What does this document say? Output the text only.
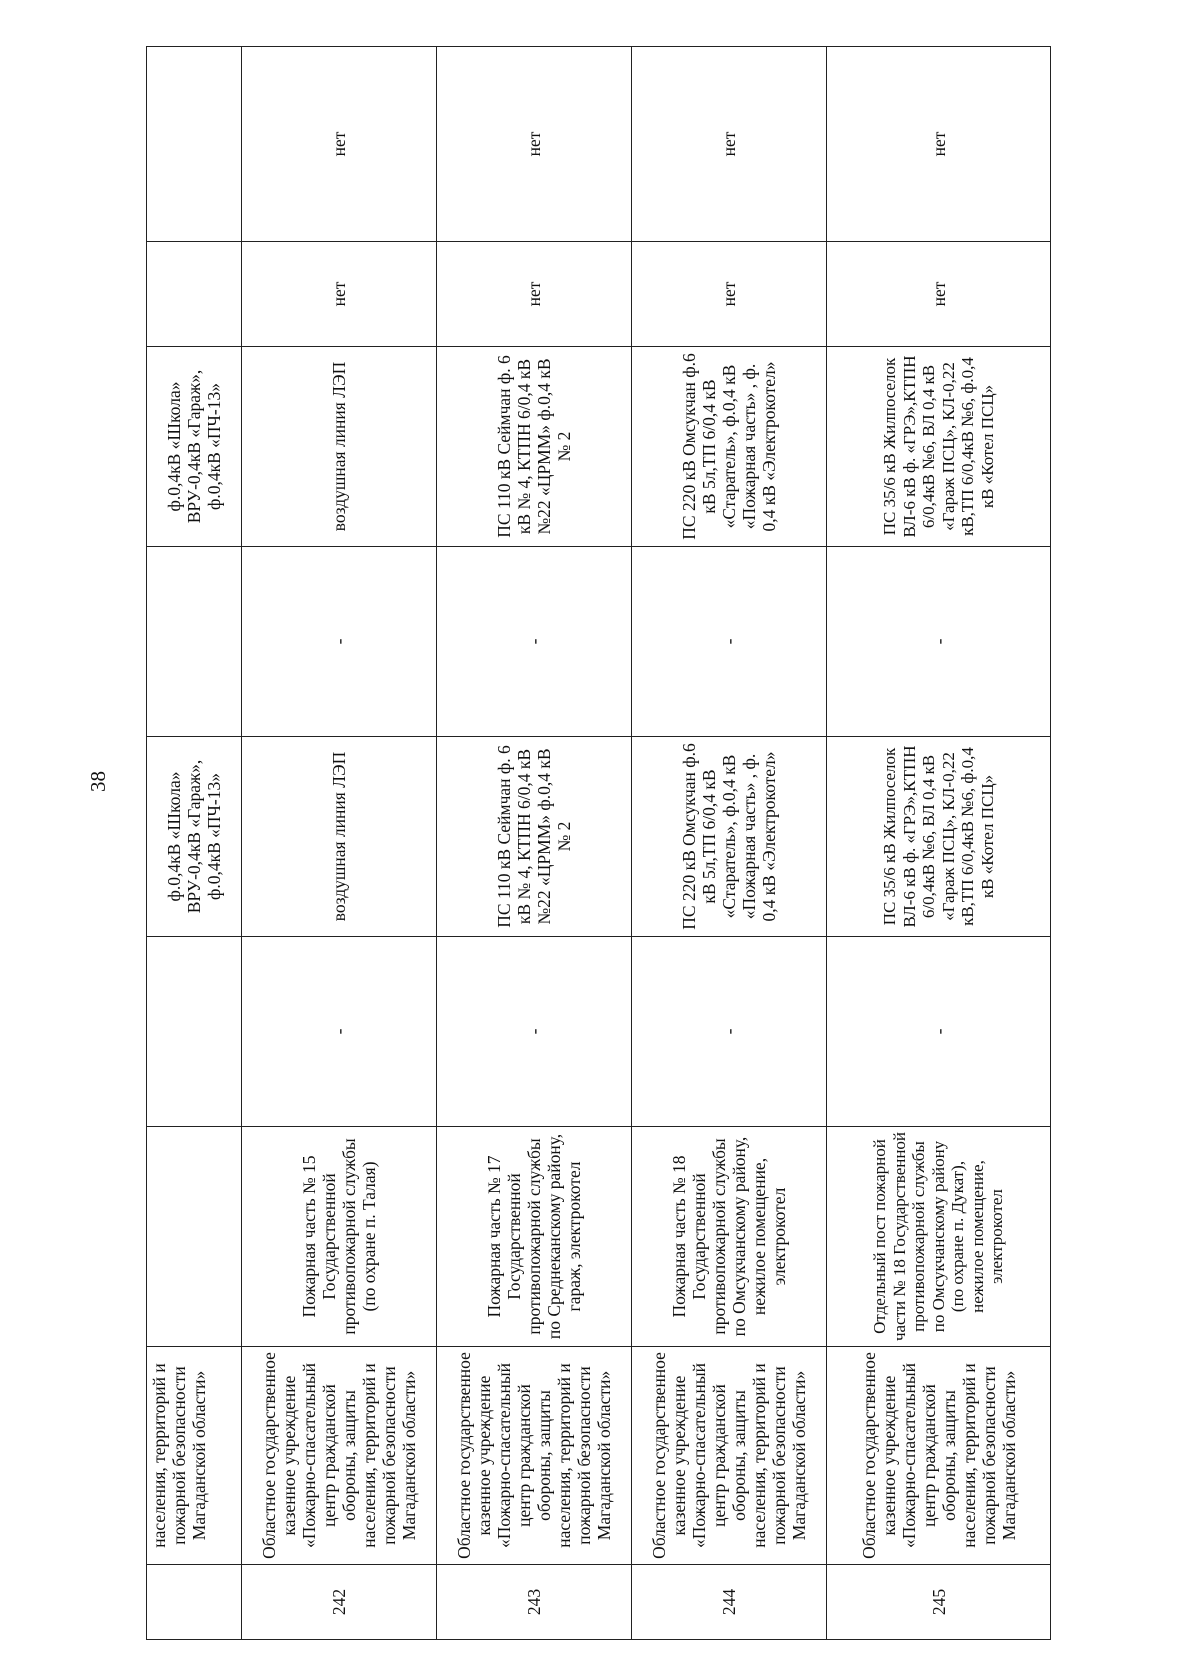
38
	населения, территорий и пожарной безопасности Магаданской области»			ф.0,4кВ «Школа» ВРУ-0,4кВ «Гараж», ф.0,4кВ «ПЧ-13»		ф.0,4кВ «Школа» ВРУ-0,4кВ «Гараж», ф.0,4кВ «ПЧ-13»		
242	Областное государственное казенное учреждение «Пожарно-спасательный центр гражданской обороны, защиты населения, территорий и пожарной безопасности Магаданской области»	Пожарная часть № 15 Государственной противопожарной службы (по охране п. Талая)	-	воздушная линия ЛЭП	-	воздушная линия ЛЭП	нет	нет
243	Областное государственное казенное учреждение «Пожарно-спасательный центр гражданской обороны, защиты населения, территорий и пожарной безопасности Магаданской области»	Пожарная часть № 17 Государственной противопожарной службы по Среднеканскому району, гараж, электрокотел	-	ПС 110 кВ Сеймчан ф. 6 кВ № 4, КТПН 6/0,4 кВ №22 «ЦРММ» ф.0,4 кВ № 2	-	ПС 110 кВ Сеймчан ф. 6 кВ № 4, КТПН 6/0,4 кВ №22 «ЦРММ» ф.0,4 кВ № 2	нет	нет
244	Областное государственное казенное учреждение «Пожарно-спасательный центр гражданской обороны, защиты населения, территорий и пожарной безопасности Магаданской области»	Пожарная часть № 18 Государственной противопожарной службы по Омсукчанскому району, нежилое помещение, электрокотел	-	ПС 220 кВ Омсукчан ф.6 кВ 5л,ТП 6/0,4 кВ «Старатель», ф.0,4 кВ «Пожарная часть» , ф. 0,4 кВ «Электрокотел»	-	ПС 220 кВ Омсукчан ф.6 кВ 5л,ТП 6/0,4 кВ «Старатель», ф.0,4 кВ «Пожарная часть» , ф. 0,4 кВ «Электрокотел»	нет	нет
245	Областное государственное казенное учреждение «Пожарно-спасательный центр гражданской обороны, защиты населения, территорий и пожарной безопасности Магаданской области»	Отдельный пост пожарной части № 18 Государственной противопожарной службы по Омсукчанскому району (по охране п. Дукат), нежилое помещение, электрокотел	-	ПС 35/6 кВ Жилпоселок ВЛ-6 кВ ф. «ГРЭ»,КТПН 6/0,4кВ №6, ВЛ 0,4 кВ «Гараж ПСЦ», КЛ-0,22 кВ,ТП 6/0,4кВ №6, ф.0,4 кВ «Котел ПСЦ»	-	ПС 35/6 кВ Жилпоселок ВЛ-6 кВ ф. «ГРЭ»,КТПН 6/0,4кВ №6, ВЛ 0,4 кВ «Гараж ПСЦ», КЛ-0,22 кВ,ТП 6/0,4кВ №6, ф.0,4 кВ «Котел ПСЦ»	нет	нет
